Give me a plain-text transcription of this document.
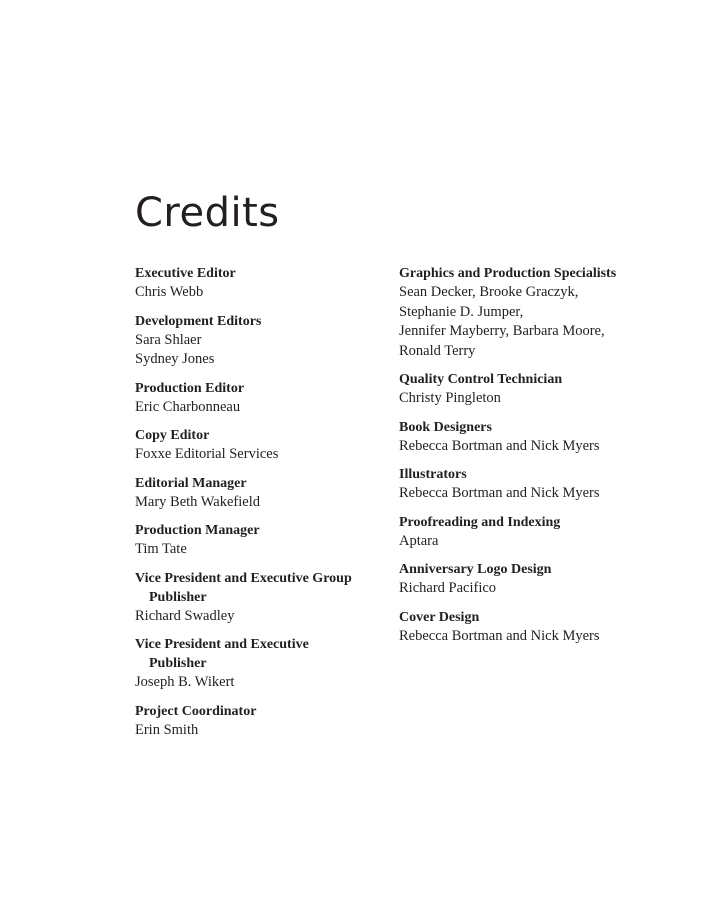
Credits
Executive Editor
Chris Webb
Development Editors
Sara Shlaer
Sydney Jones
Production Editor
Eric Charbonneau
Copy Editor
Foxxe Editorial Services
Editorial Manager
Mary Beth Wakefield
Production Manager
Tim Tate
Vice President and Executive Group Publisher
Richard Swadley
Vice President and Executive Publisher
Joseph B. Wikert
Project Coordinator
Erin Smith
Graphics and Production Specialists
Sean Decker, Brooke Graczyk,
Stephanie D. Jumper,
Jennifer Mayberry, Barbara Moore,
Ronald Terry
Quality Control Technician
Christy Pingleton
Book Designers
Rebecca Bortman and Nick Myers
Illustrators
Rebecca Bortman and Nick Myers
Proofreading and Indexing
Aptara
Anniversary Logo Design
Richard Pacifico
Cover Design
Rebecca Bortman and Nick Myers
